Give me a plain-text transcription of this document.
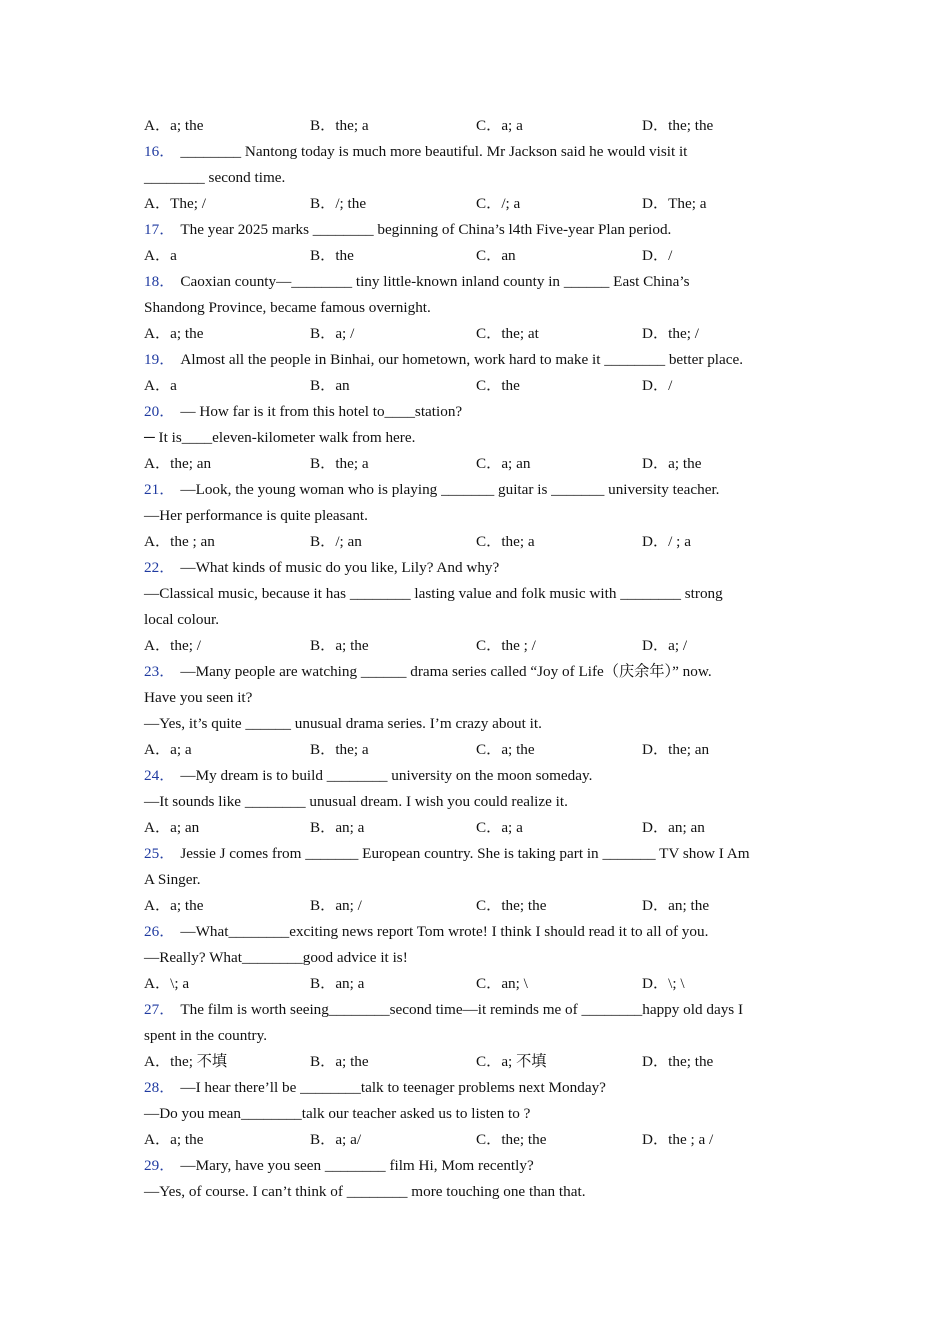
A．a; the	B．the; a	C．a; a	D．the; the
16． ________ Nantong today is much more beautiful. Mr Jackson said he would visit it
________ second time.
A．The; /	B．/; the	C．/; a	D．The; a
17． The year 2025 marks ________ beginning of China’s l4th Five-year Plan period.
A．a	B．the	C．an	D．/
18． Caoxian county—________ tiny little-known inland county in ______ East China’s
Shandong Province, became famous overnight.
A．a; the	B．a; /	C．the; at	D．the; /
19． Almost all the people in Binhai, our hometown, work hard to make it ________ better place.
A．a	B．an	C．the	D．/
20． — How far is it from this hotel to____station?
─ It is____eleven-kilometer walk from here.
A．the; an	B．the; a	C．a; an	D．a; the
21． —Look, the young woman who is playing _______ guitar is _______ university teacher.
—Her performance is quite pleasant.
A．the ; an	B．/; an	C．the; a	D．/ ; a
22． —What kinds of music do you like, Lily? And why?
—Classical music, because it has ________ lasting value and folk music with ________ strong
local colour.
A．the; /	B．a; the	C．the ; /	D．a; /
23． —Many people are watching ______ drama series called “Joy of Life（庆余年）” now.
Have you seen it?
—Yes, it’s quite ______ unusual drama series. I’m crazy about it.
A．a; a	B．the; a	C．a; the	D．the; an
24． —My dream is to build ________ university on the moon someday.
—It sounds like ________ unusual dream. I wish you could realize it.
A．a; an	B．an; a	C．a; a	D．an; an
25． Jessie J comes from _______ European country. She is taking part in _______ TV show I Am
A Singer.
A．a; the	B．an; /	C．the; the	D．an; the
26． —What________exciting news report Tom wrote! I think I should read it to all of you.
—Really? What________good advice it is!
A．\; a	B．an; a	C．an; \	D．\; \
27． The film is worth seeing________second time—it reminds me of ________happy old days I
spent in the country.
A．the; 不填	B．a; the	C．a; 不填	D．the; the
28． —I hear there’ll be ________talk to teenager problems next Monday?
—Do you mean________talk our teacher asked us to listen to ?
A．a; the	B．a; a/	C．the; the	D．the ; a /
29． —Mary, have you seen ________ film Hi, Mom recently?
—Yes, of course. I can’t think of ________ more touching one than that.
